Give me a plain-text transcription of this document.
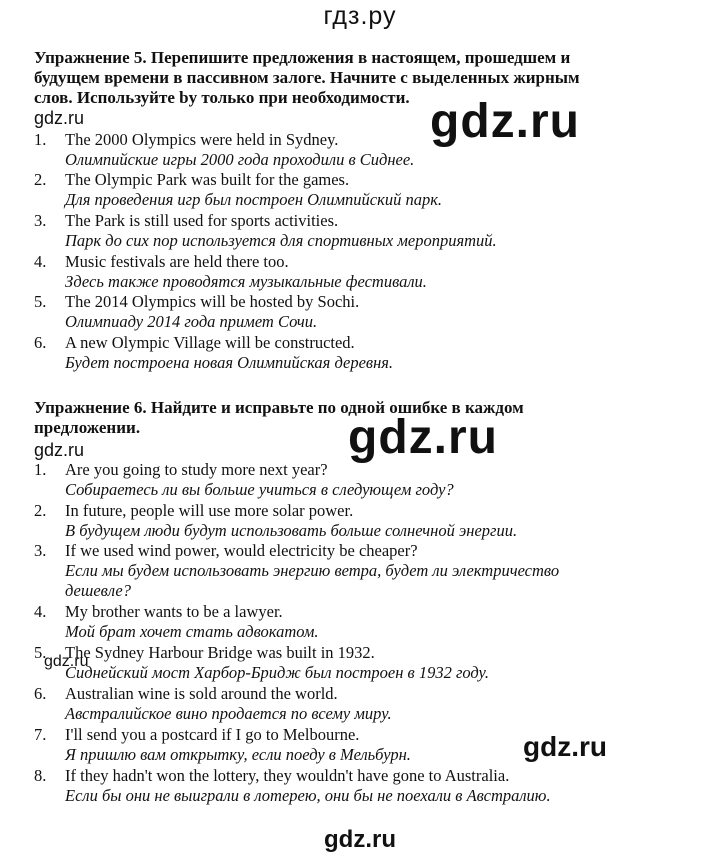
гдз.ру
Упражнение 5. Перепишите предложения в настоящем, прошедшем и
будущем времени в пассивном залоге. Начните с выделенных жирным
слов. Используйте by только при необходимости.
gdz.ru	gdz.ru
1. The 2000 Olympics were held in Sydney.
Олимпийские игры 2000 года проходили в Сиднее.
2. The Olympic Park was built for the games.
Для проведения игр был построен Олимпийский парк.
3. The Park is still used for sports activities.
Парк до сих пор используется для спортивных мероприятий.
4. Music festivals are held there too.
Здесь также проводятся музыкальные фестивали.
5. The 2014 Olympics will be hosted by Sochi.
Олимпиаду 2014 года примет Сочи.
6. A new Olympic Village will be constructed.
Будет построена новая Олимпийская деревня.
Упражнение 6. Найдите и исправьте по одной ошибке в каждом
предложении.
gdz.ru	gdz.ru
1. Are you going to study more next year?
Собираетесь ли вы больше учиться в следующем году?
2. In future, people will use more solar power.
В будущем люди будут использовать больше солнечной энергии.
3. If we used wind power, would electricity be cheaper?
Если мы будем использовать энергию ветра, будет ли электричество
дешевле?
4. My brother wants to be a lawyer.
Мой брат хочет стать адвокатом.
5. The Sydney Harbour Bridge was built in 1932.
Сиднейский мост Харбор-Бридж был построен в 1932 году.
6. Australian wine is sold around the world.
Австралийское вино продается по всему миру.
7. I'll send you a postcard if I go to Melbourne.
Я пришлю вам открытку, если поеду в Мельбурн.
8. If they hadn't won the lottery, they wouldn't have gone to Australia.
Если бы они не выиграли в лотерею, они бы не поехали в Австралию.
gdz.ru
gdz.ru
gdz.ru
